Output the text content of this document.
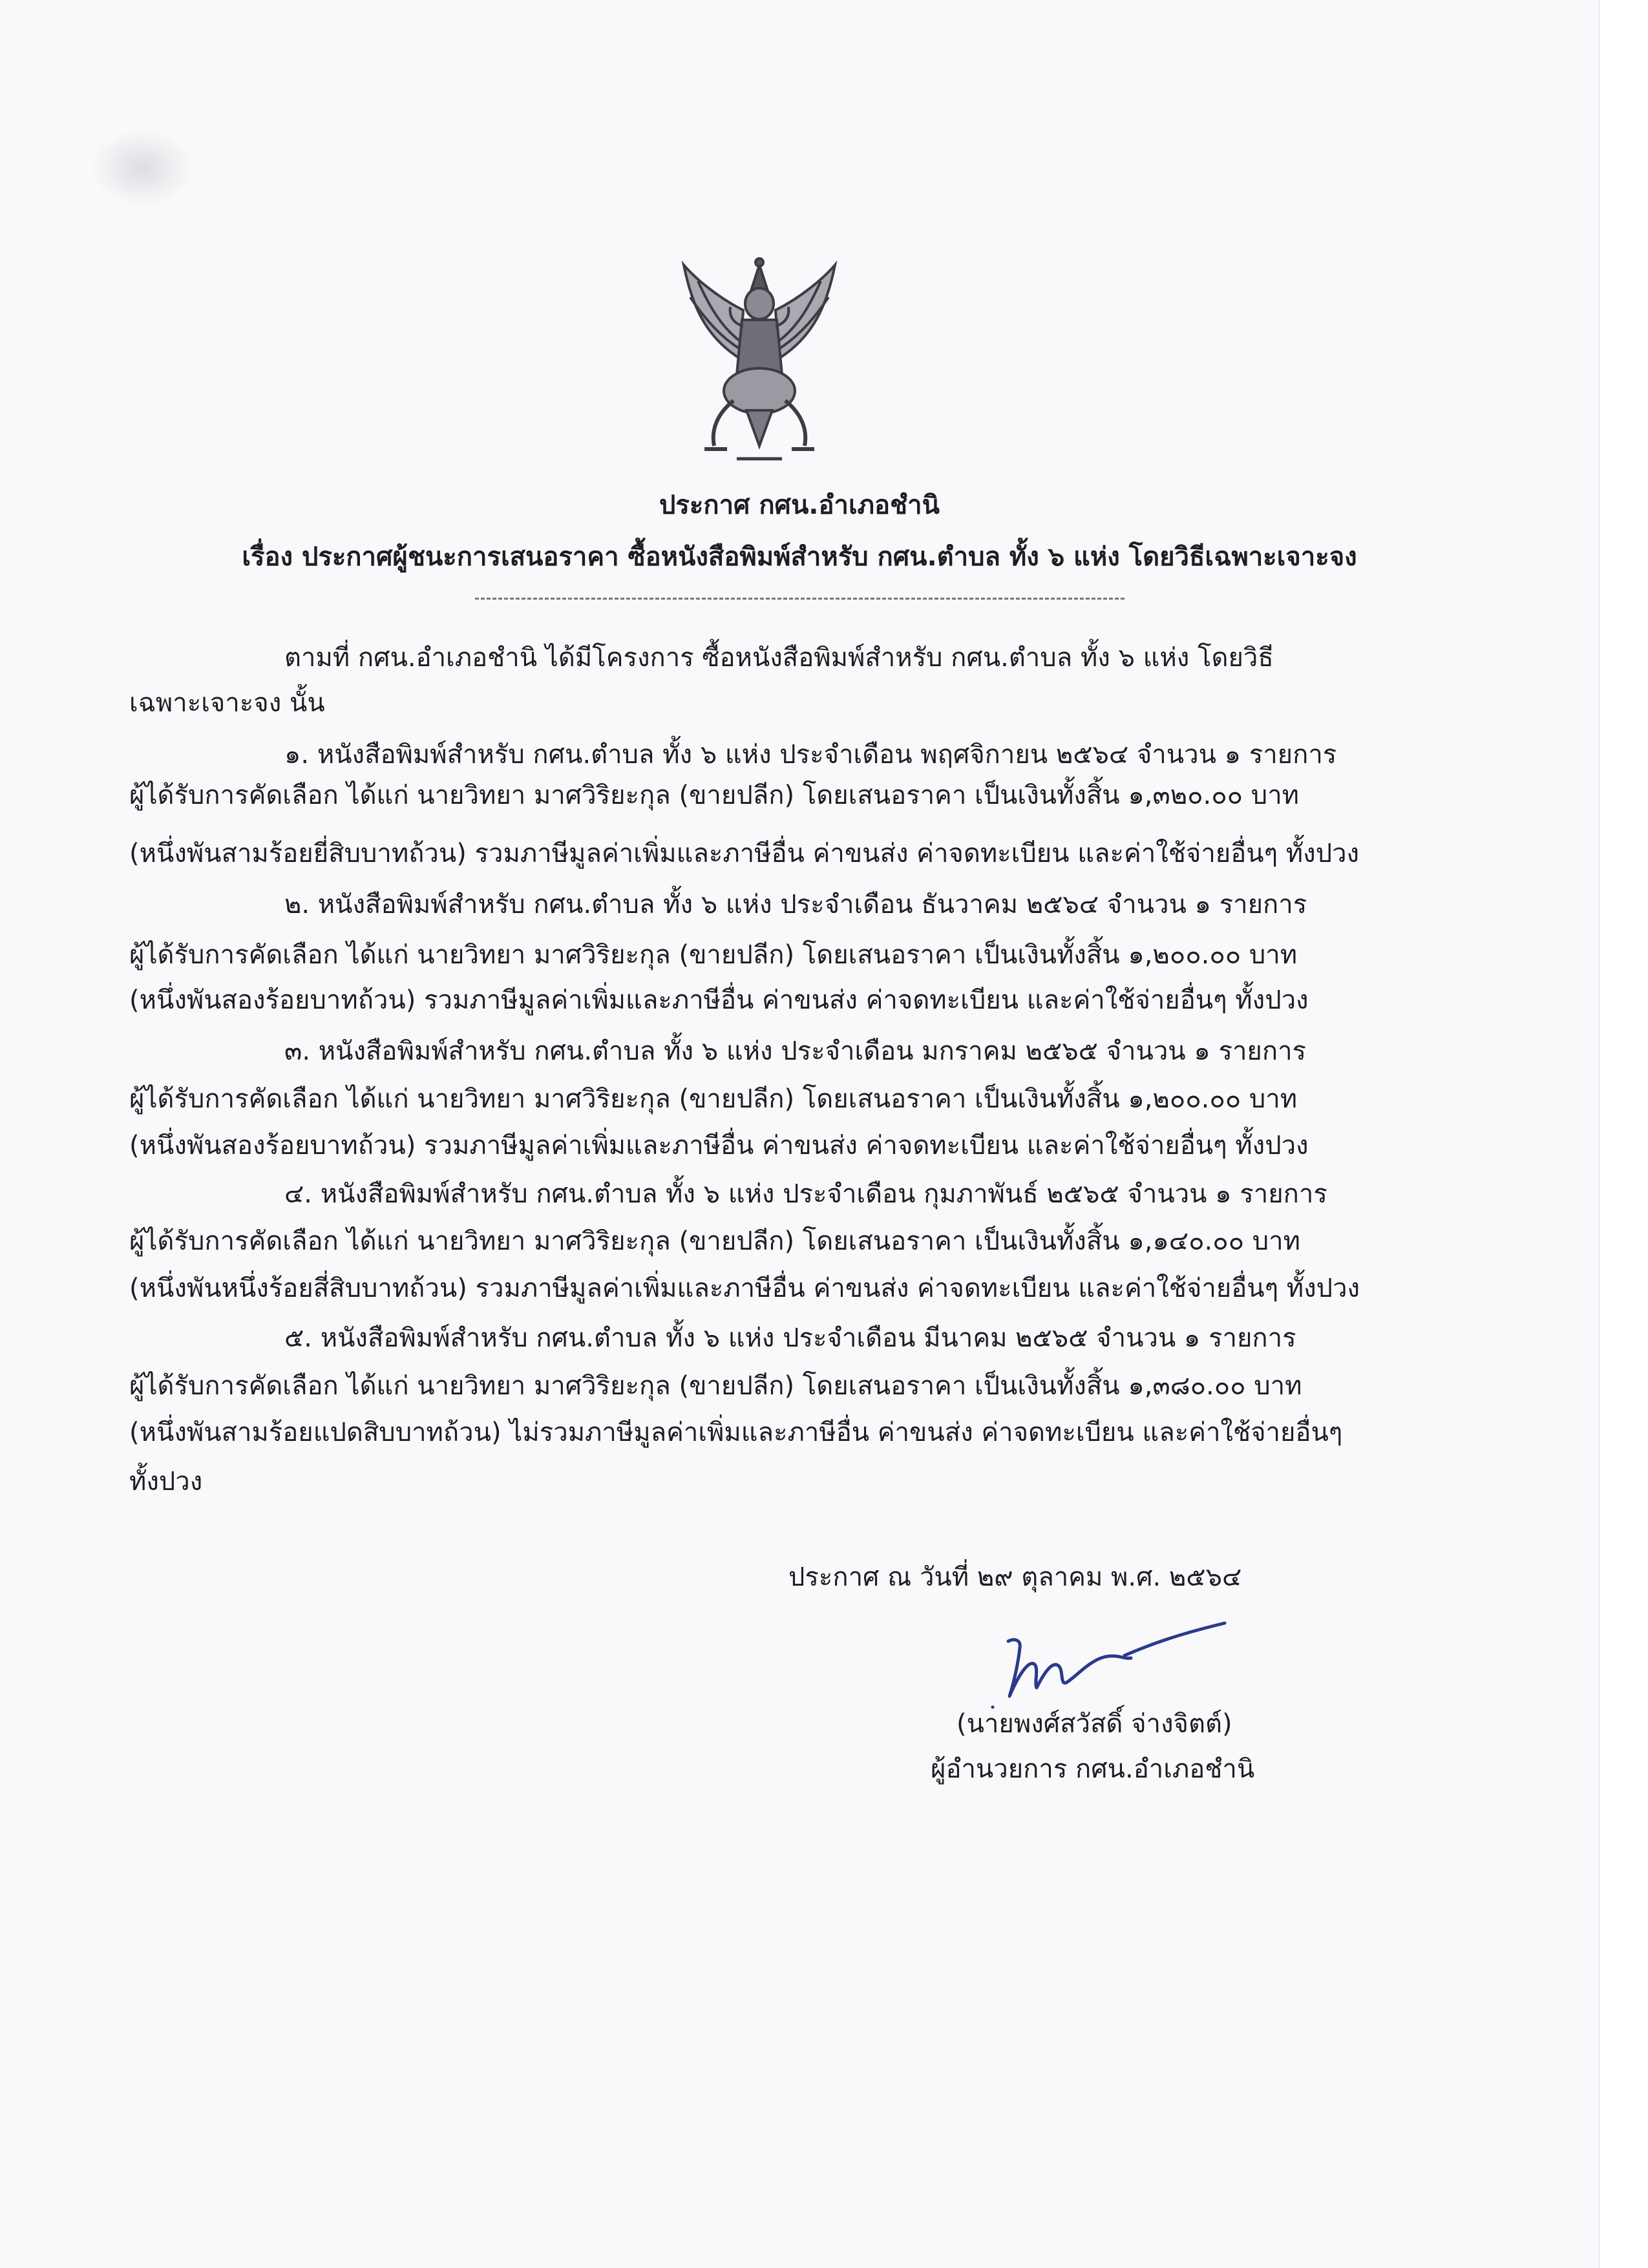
ประกาศ กศน.อำเภอชำนิ
เรื่อง ประกาศผู้ชนะการเสนอราคา ซื้อหนังสือพิมพ์สำหรับ กศน.ตำบล ทั้ง ๖ แห่ง โดยวิธีเฉพาะเจาะจง
ตามที่ กศน.อำเภอชำนิ ได้มีโครงการ ซื้อหนังสือพิมพ์สำหรับ กศน.ตำบล ทั้ง ๖ แห่ง โดยวิธี
เฉพาะเจาะจง นั้น
๑. หนังสือพิมพ์สำหรับ กศน.ตำบล ทั้ง ๖ แห่ง ประจำเดือน พฤศจิกายน ๒๕๖๔ จำนวน ๑ รายการ
ผู้ได้รับการคัดเลือก ได้แก่ นายวิทยา มาศวิริยะกุล (ขายปลีก) โดยเสนอราคา เป็นเงินทั้งสิ้น ๑,๓๒๐.๐๐ บาท
(หนึ่งพันสามร้อยยี่สิบบาทถ้วน) รวมภาษีมูลค่าเพิ่มและภาษีอื่น ค่าขนส่ง ค่าจดทะเบียน และค่าใช้จ่ายอื่นๆ ทั้งปวง
๒. หนังสือพิมพ์สำหรับ กศน.ตำบล ทั้ง ๖ แห่ง ประจำเดือน ธันวาคม ๒๕๖๔ จำนวน ๑ รายการ
ผู้ได้รับการคัดเลือก ได้แก่ นายวิทยา มาศวิริยะกุล (ขายปลีก) โดยเสนอราคา เป็นเงินทั้งสิ้น ๑,๒๐๐.๐๐ บาท
(หนึ่งพันสองร้อยบาทถ้วน) รวมภาษีมูลค่าเพิ่มและภาษีอื่น ค่าขนส่ง ค่าจดทะเบียน และค่าใช้จ่ายอื่นๆ ทั้งปวง
๓. หนังสือพิมพ์สำหรับ กศน.ตำบล ทั้ง ๖ แห่ง ประจำเดือน มกราคม ๒๕๖๕ จำนวน ๑ รายการ
ผู้ได้รับการคัดเลือก ได้แก่ นายวิทยา มาศวิริยะกุล (ขายปลีก) โดยเสนอราคา เป็นเงินทั้งสิ้น ๑,๒๐๐.๐๐ บาท
(หนึ่งพันสองร้อยบาทถ้วน) รวมภาษีมูลค่าเพิ่มและภาษีอื่น ค่าขนส่ง ค่าจดทะเบียน และค่าใช้จ่ายอื่นๆ ทั้งปวง
๔. หนังสือพิมพ์สำหรับ กศน.ตำบล ทั้ง ๖ แห่ง ประจำเดือน กุมภาพันธ์ ๒๕๖๕ จำนวน ๑ รายการ
ผู้ได้รับการคัดเลือก ได้แก่ นายวิทยา มาศวิริยะกุล (ขายปลีก) โดยเสนอราคา เป็นเงินทั้งสิ้น ๑,๑๔๐.๐๐ บาท
(หนึ่งพันหนึ่งร้อยสี่สิบบาทถ้วน) รวมภาษีมูลค่าเพิ่มและภาษีอื่น ค่าขนส่ง ค่าจดทะเบียน และค่าใช้จ่ายอื่นๆ ทั้งปวง
๕. หนังสือพิมพ์สำหรับ กศน.ตำบล ทั้ง ๖ แห่ง ประจำเดือน มีนาคม ๒๕๖๕ จำนวน ๑ รายการ
ผู้ได้รับการคัดเลือก ได้แก่ นายวิทยา มาศวิริยะกุล (ขายปลีก) โดยเสนอราคา เป็นเงินทั้งสิ้น ๑,๓๘๐.๐๐ บาท
(หนึ่งพันสามร้อยแปดสิบบาทถ้วน) ไม่รวมภาษีมูลค่าเพิ่มและภาษีอื่น ค่าขนส่ง ค่าจดทะเบียน และค่าใช้จ่ายอื่นๆ
ทั้งปวง
ประกาศ ณ วันที่ ๒๙ ตุลาคม พ.ศ. ๒๕๖๔
(นายพงศ์สวัสดิ์ จ่างจิตต์)
ผู้อำนวยการ กศน.อำเภอชำนิ
